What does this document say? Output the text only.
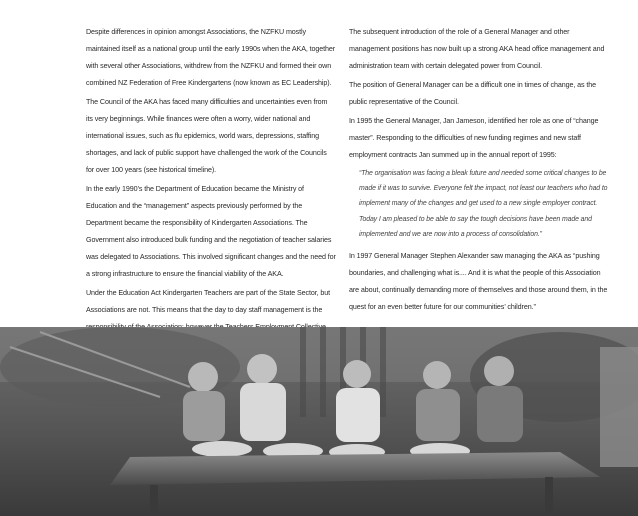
Despite differences in opinion amongst Associations, the NZFKU mostly maintained itself as a national group until the early 1990s when the AKA, together with several other Associations, withdrew from the NZFKU and formed their own combined NZ Federation of Free Kindergartens (now known as EC Leadership).

The Council of the AKA has faced many difficulties and uncertainties even from its very beginnings. While finances were often a worry, wider national and international issues, such as flu epidemics, world wars, depressions, staffing shortages, and lack of public support have challenged the work of the Councils for over 100 years (see historical timeline).

In the early 1990’s the Department of Education became the Ministry of Education and the “management” aspects previously performed by the Department became the responsibility of Kindergarten Associations. The Government also introduced bulk funding and the negotiation of teacher salaries was delegated to Associations. This involved significant changes and the need for a strong infrastructure to ensure the financial viability of the AKA.

Under the Education Act Kindergarten Teachers are part of the State Sector, but Associations are not. This means that the day to day staff management is the

The subsequent introduction of the role of a General Manager and other management positions has now built up a strong AKA head office management and administration team with certain delegated power from Council.

The position of General Manager can be a difficult one in times of change, as the public representative of the Council.

In 1995 the General Manager, Jan Jameson, identified her role as one of “change master”. Responding to the difficulties of new funding regimes and new staff employment contracts Jan summed up in the annual report of 1995:

“The organisation was facing a bleak future and needed some critical changes to be made if it was to survive. Everyone felt the impact, not least our teachers who had to implement many of the changes and get used to a new single employer contract. Today I am pleased to be able to say the tough decisions have been made and implemented and we are now into a process of consolidation.”

In 1997 General Manager Stephen Alexander saw managing the AKA as “pushing boundaries, and challenging what is.... And it is what the people of this Association are about, continually demanding more of themselves and those around them, in the quest for an even better future for our communities’ children.”
